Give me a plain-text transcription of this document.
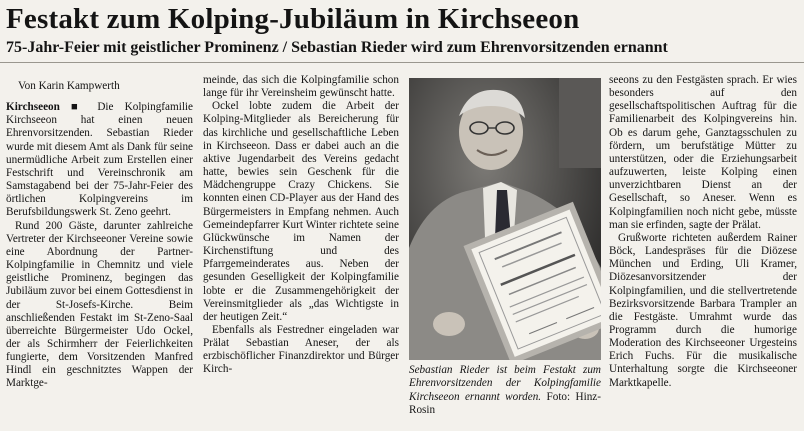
Festakt zum Kolping-Jubiläum in Kirchseeon
75-Jahr-Feier mit geistlicher Prominenz / Sebastian Rieder wird zum Ehrenvorsitzenden ernannt

Von Karin Kampwerth

Kirchseeon ■ Die Kolpingfamilie Kirchseeon hat einen neuen Ehrenvorsitzenden. Sebastian Rieder wurde mit diesem Amt als Dank für seine unermüdliche Arbeit zum Erstellen einer Festschrift und Vereinschronik am Samstagabend bei der 75-Jahr-Feier des örtlichen Kolpingvereins im Berufsbildungswerk St. Zeno geehrt.

Rund 200 Gäste, darunter zahlreiche Vertreter der Kirchseeoner Vereine sowie eine Abordnung der Partner-Kolpingfamilie in Chemnitz und viele geistliche Prominenz, begingen das Jubiläum zuvor bei einem Gottesdienst in der St-Josefs-Kirche. Beim anschließenden Festakt im St-Zeno-Saal überreichte Bürgermeister Udo Ockel, der als Schirmherr der Feierlichkeiten fungierte, dem Vorsitzenden Manfred Hindl ein geschnitztes Wappen der Marktge-

meinde, das sich die Kolpingfamilie schon lange für ihr Vereinsheim gewünscht hatte.

Ockel lobte zudem die Arbeit der Kolping-Mitglieder als Bereicherung für das kirchliche und gesellschaftliche Leben in Kirchseeon. Dass er dabei auch an die aktive Jugendarbeit des Vereins gedacht hatte, bewies sein Geschenk für die Mädchengruppe Crazy Chickens. Sie konnten einen CD-Player aus der Hand des Bürgermeisters in Empfang nehmen. Auch Gemeindepfarrer Kurt Winter richtete seine Glückwünsche im Namen der Kirchenstiftung und des Pfarrgemeinderates aus. Neben der gesunden Geselligkeit der Kolpingfamilie lobte er die Zusammengehörigkeit der Vereinsmitglieder als „das Wichtigste in der heutigen Zeit.“

Ebenfalls als Festredner eingeladen war Prälat Sebastian Aneser, der als erzbischöflicher Finanzdirektor und Bürger Kirch-	Sebastian Rieder ist beim Festakt zum Ehrenvorsitzenden der Kolpingfamilie Kirchseeon ernannt worden. Foto: Hinz-Rosin

seeons zu den Festgästen sprach. Er wies besonders auf den gesellschaftspolitischen Auftrag für die Familienarbeit des Kolpingvereins hin. Ob es darum gehe, Ganztagsschulen zu fördern, um berufstätige Mütter zu unterstützen, oder die Erziehungsarbeit aufzuwerten, leiste Kolping einen unverzichtbaren Dienst an der Gesellschaft, so Aneser. Wenn es Kolpingfamilien noch nicht gebe, müsste man sie erfinden, sagte der Prälat.

Grußworte richteten außerdem Rainer Böck, Landespräses für die Diözese München und Erding, Uli Kramer, Diözesanvorsitzender der Kolpingfamilien, und die stellvertretende Bezirksvorsitzende Barbara Trampler an die Festgäste. Umrahmt wurde das Programm durch die humorige Moderation des Kirchseeoner Urgesteins Erich Fuchs. Für die musikalische Unterhaltung sorgte die Kirchseeoner Marktkapelle.
